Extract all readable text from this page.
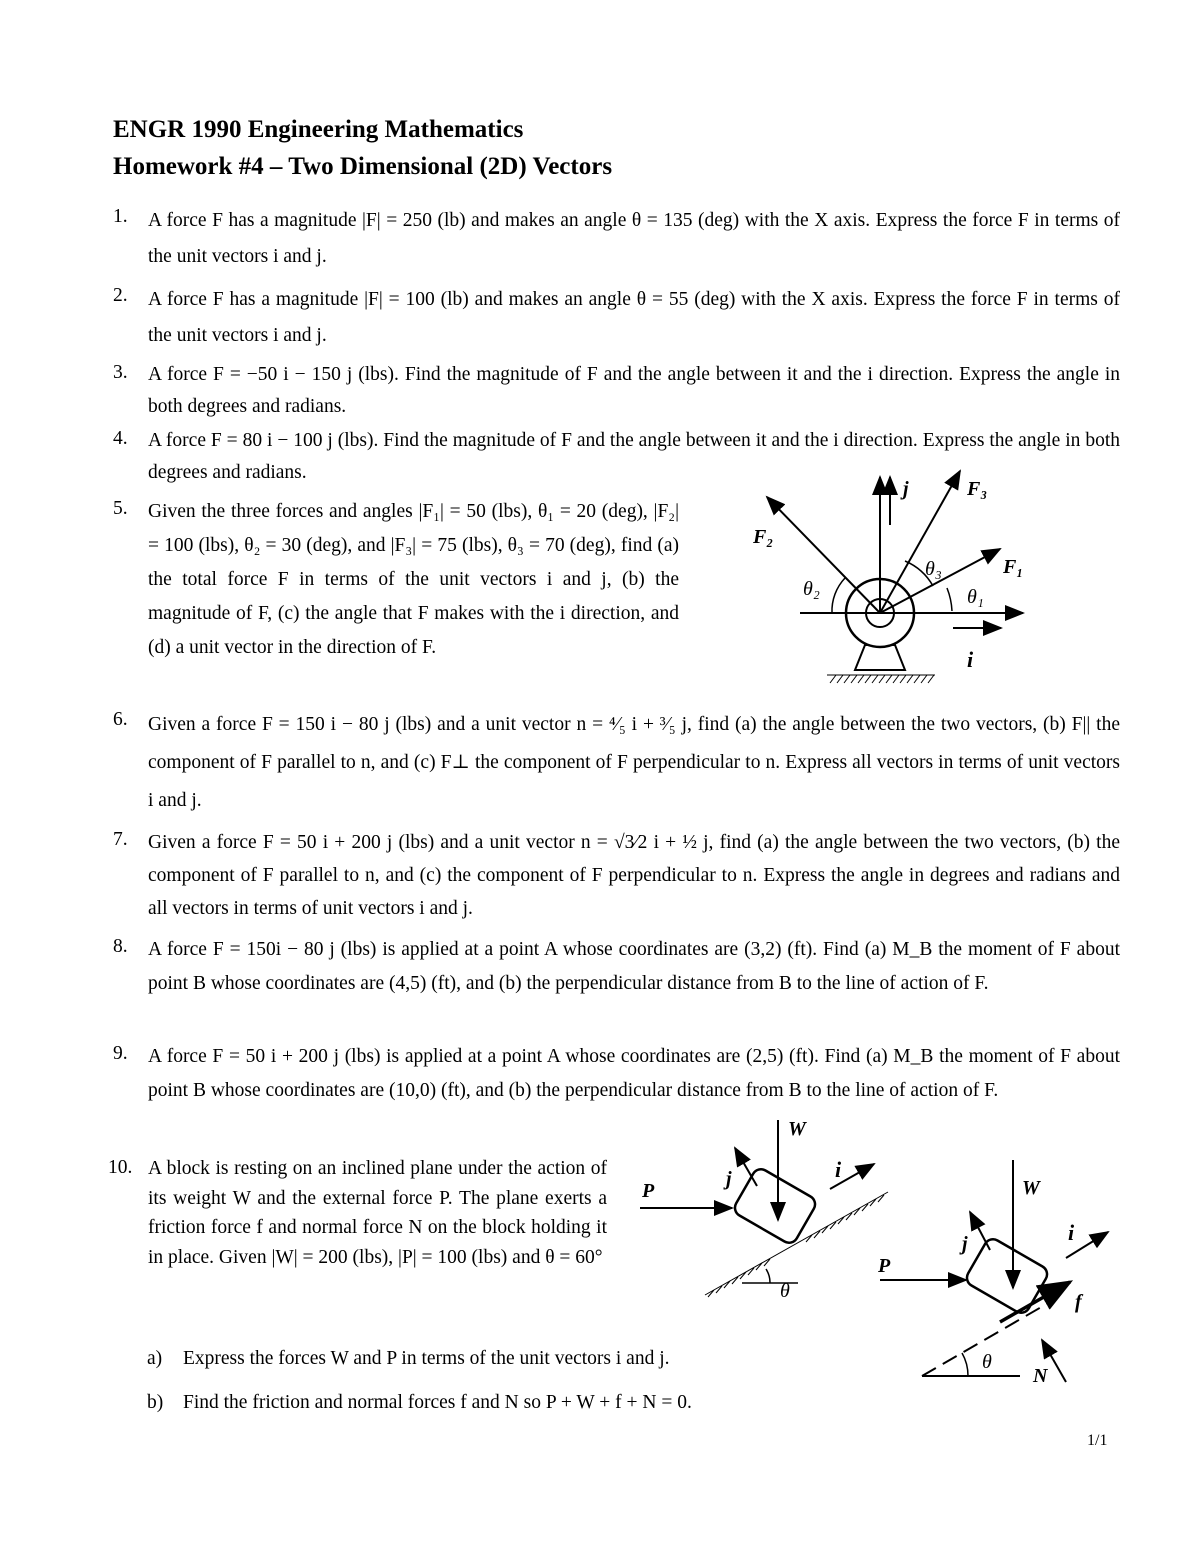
ENGR 1990 Engineering Mathematics
Homework #4 – Two Dimensional (2D) Vectors
1. A force F has a magnitude |F| = 250 (lb) and makes an angle θ = 135 (deg) with the X axis. Express the force F in terms of the unit vectors i and j.
2. A force F has a magnitude |F| = 100 (lb) and makes an angle θ = 55 (deg) with the X axis. Express the force F in terms of the unit vectors i and j.
3. A force F = −50 i − 150 j (lbs). Find the magnitude of F and the angle between it and the i direction. Express the angle in both degrees and radians.
4. A force F = 80 i − 100 j (lbs). Find the magnitude of F and the angle between it and the i direction. Express the angle in both degrees and radians.
5. Given the three forces and angles |F₁| = 50 (lbs), θ₁ = 20 (deg), |F₂| = 100 (lbs), θ₂ = 30 (deg), and |F₃| = 75 (lbs), θ₃ = 70 (deg), find (a) the total force F in terms of the unit vectors i and j, (b) the magnitude of F, (c) the angle that F makes with the i direction, and (d) a unit vector in the direction of F.
j	F₃
F₂
F₁
θ₂
θ₃
θ₁
i
6. Given a force F = 150 i − 80 j (lbs) and a unit vector n = ⁴⁄₅ i + ³⁄₅ j, find (a) the angle between the two vectors, (b) F|| the component of F parallel to n, and (c) F⊥ the component of F perpendicular to n. Express all vectors in terms of unit vectors i and j.
7. Given a force F = 50 i + 200 j (lbs) and a unit vector n = √3⁄2 i + ½ j, find (a) the angle between the two vectors, (b) the component of F parallel to n, and (c) the component of F perpendicular to n. Express the angle in degrees and radians and all vectors in terms of unit vectors i and j.
8. A force F = 150i − 80 j (lbs) is applied at a point A whose coordinates are (3,2) (ft). Find (a) M_B the moment of F about point B whose coordinates are (4,5) (ft), and (b) the perpendicular distance from B to the line of action of F.
9. A force F = 50 i + 200 j (lbs) is applied at a point A whose coordinates are (2,5) (ft). Find (a) M_B the moment of F about point B whose coordinates are (10,0) (ft), and (b) the perpendicular distance from B to the line of action of F.
10. A block is resting on an inclined plane under the action of its weight W and the external force P. The plane exerts a friction force f and normal force N on the block holding it in place. Given |W| = 200 (lbs), |P| = 100 (lbs) and θ = 60°
a) Express the forces W and P in terms of the unit vectors i and j.
b) Find the friction and normal forces f and N so P + W + f + N = 0.
W
j	i
P
θ
W
j	i
P
f
θ
N
1/1
